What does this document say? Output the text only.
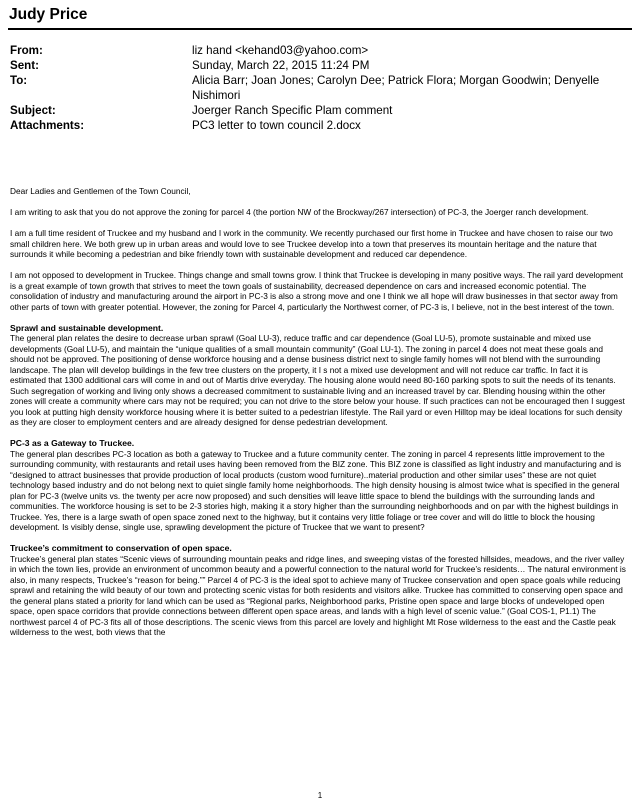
Judy Price
From:	liz hand <kehand03@yahoo.com>
Sent:	Sunday, March 22, 2015 11:24 PM
To:	Alicia Barr; Joan Jones; Carolyn Dee; Patrick Flora; Morgan Goodwin; Denyelle Nishimori
Subject:	Joerger Ranch Specific Plam comment
Attachments:	PC3 letter to town council 2.docx

Dear Ladies and Gentlemen of the Town Council,

I am writing to ask that you do not approve the zoning for parcel 4 (the portion NW of the Brockway/267 intersection) of PC-3, the Joerger ranch development.

I am a full time resident of Truckee and my husband and I work in the community. We recently purchased our first home in Truckee and have chosen to raise our two small children here. We both grew up in urban areas and would love to see Truckee develop into a town that preserves its mountain heritage and the nature that surrounds it while becoming a pedestrian and bike friendly town with sustainable development and reduced car dependence.

I am not opposed to development in Truckee. Things change and small towns grow. I think that Truckee is developing in many positive ways. The rail yard development is a great example of town growth that strives to meet the town goals of sustainability, decreased dependence on cars and increased economic potential. The consolidation of industry and manufacturing around the airport in PC-3 is also a strong move and one I think we all hope will draw businesses in that sector away from other parts of town with greater potential. However, the zoning for Parcel 4, particularly the Northwest corner, of PC-3 is, I believe, not in the best interest of the town.

Sprawl and sustainable development.

The general plan relates the desire to decrease urban sprawl (Goal LU-3), reduce traffic and car dependence (Goal LU-5), promote sustainable and mixed use developments (Goal LU-5), and maintain the “unique qualities of a small mountain community” (Goal LU-1). The zoning in parcel 4 does not meat these goals and should not be approved. The positioning of dense workforce housing and a dense business district next to single family homes will not blend with the surrounding landscape. The plan will develop buildings in the few tree clusters on the property, it I s not a mixed use development and will not reduce car traffic. In fact it is estimated that 1300 additional cars will come in and out of Martis drive everyday. The housing alone would need 80-160 parking spots to suit the needs of its tenants. Such segregation of working and living only shows a decreased commitment to sustainable living and an increased travel by car. Blending housing within the other zones will create a community where cars may not be required; you can not drive to the store below your house. If such practices can not be encouraged then I suggest you look at putting high density workforce housing where it is better suited to a pedestrian lifestyle. The Rail yard or even Hilltop may be ideal locations for such density as they are closer to employment centers and are already designed for dense pedestrian development.

PC-3 as a Gateway to Truckee.

The general plan describes PC-3 location as both a gateway to Truckee and a future community center. The zoning in parcel 4 represents little improvement to the surrounding community, with restaurants and retail uses having been removed from the BIZ zone. This BIZ zone is classified as light industry and manufacturing and is “designed to attract businesses that provide production of local products (custom wood furniture)..material production and other similar uses” these are not quiet technology based industry and do not belong next to quiet single family home neighborhoods. The high density housing is almost twice what is specified in the general plan for PC-3 (twelve units vs. the twenty per acre now proposed) and such densities will leave little space to blend the buildings with the surrounding lands and communities. The workforce housing is set to be 2-3 stories high, making it a story higher than the surrounding neighborhoods and on par with the highest buildings in Truckee. Yes, there is a large swath of open space zoned next to the highway, but it contains very little foliage or tree cover and will do little to block the housing development. Is visibly dense, single use, sprawling development the picture of Truckee that we want to present?

Truckee’s commitment to conservation of open space.

Truckee’s general plan states “Scenic views of surrounding mountain peaks and ridge lines, and sweeping vistas of the forested hillsides, meadows, and the river valley in which the town lies, provide an environment of uncommon beauty and a powerful connection to the natural world for Truckee’s residents… The natural environment is also, in many respects, Truckee’s “reason for being.”” Parcel 4 of PC-3 is the ideal spot to achieve many of Truckee conservation and open space goals while reducing sprawl and retaining the wild beauty of our town and protecting scenic vistas for both residents and visitors alike. Truckee has committed to conserving open space and the general plans stated a priority for land which can be used as “Regional parks, Neighborhood parks, Pristine open space and large blocks of undeveloped open space, open space corridors that provide connections between different open space areas, and lands with a high level of scenic value.” (Goal COS-1, P1.1) The northwest parcel 4 of PC-3 fits all of those descriptions. The scenic views from this parcel are lovely and highlight Mt Rose wilderness to the east and the Castle peak wilderness to the west, both views that the

1
